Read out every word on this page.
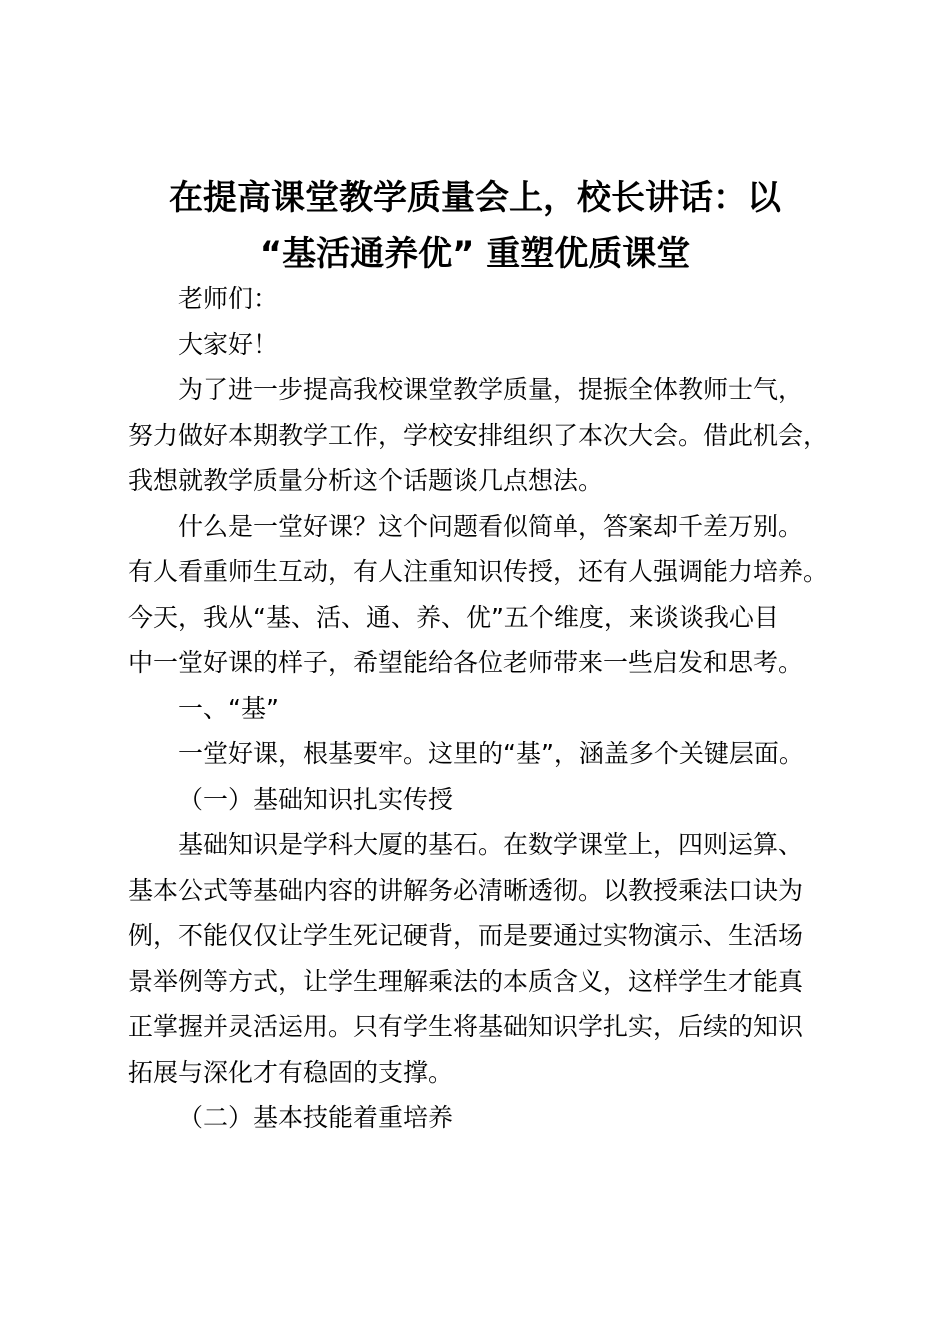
在提高课堂教学质量会上，校长讲话：以
“基活通养优” 重塑优质课堂
老师们：
大家好！
为了进一步提高我校课堂教学质量，提振全体教师士气，
努力做好本期教学工作，学校安排组织了本次大会。借此机会，
我想就教学质量分析这个话题谈几点想法。
什么是一堂好课？这个问题看似简单，答案却千差万别。
有人看重师生互动，有人注重知识传授，还有人强调能力培养。
今天，我从“基、活、通、养、优”五个维度，来谈谈我心目
中一堂好课的样子，希望能给各位老师带来一些启发和思考。
一、“基”
一堂好课，根基要牢。这里的“基”，涵盖多个关键层面。
（一）基础知识扎实传授
基础知识是学科大厦的基石。在数学课堂上，四则运算、
基本公式等基础内容的讲解务必清晰透彻。以教授乘法口诀为
例，不能仅仅让学生死记硬背，而是要通过实物演示、生活场
景举例等方式，让学生理解乘法的本质含义，这样学生才能真
正掌握并灵活运用。只有学生将基础知识学扎实，后续的知识
拓展与深化才有稳固的支撑。
（二）基本技能着重培养
